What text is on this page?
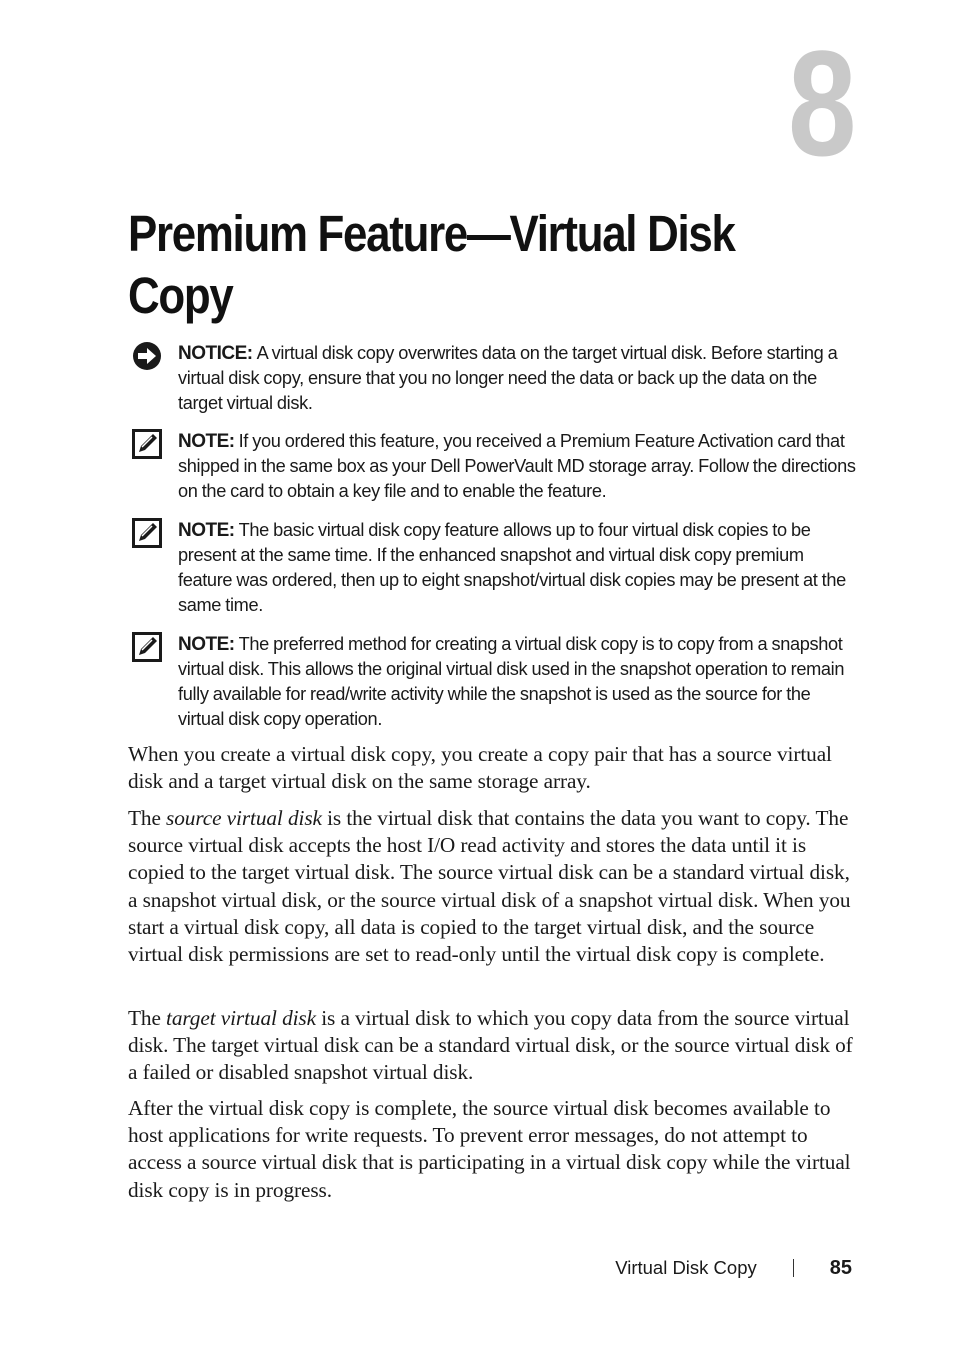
8
Premium Feature—Virtual Disk Copy
NOTICE: A virtual disk copy overwrites data on the target virtual disk. Before starting a virtual disk copy, ensure that you no longer need the data or back up the data on the target virtual disk.
NOTE: If you ordered this feature, you received a Premium Feature Activation card that shipped in the same box as your Dell PowerVault MD storage array. Follow the directions on the card to obtain a key file and to enable the feature.
NOTE: The basic virtual disk copy feature allows up to four virtual disk copies to be present at the same time. If the enhanced snapshot and virtual disk copy premium feature was ordered, then up to eight snapshot/virtual disk copies may be present at the same time.
NOTE: The preferred method for creating a virtual disk copy is to copy from a snapshot virtual disk. This allows the original virtual disk used in the snapshot operation to remain fully available for read/write activity while the snapshot is used as the source for the virtual disk copy operation.

When you create a virtual disk copy, you create a copy pair that has a source virtual disk and a target virtual disk on the same storage array.

The source virtual disk is the virtual disk that contains the data you want to copy. The source virtual disk accepts the host I/O read activity and stores the data until it is copied to the target virtual disk. The source virtual disk can be a standard virtual disk, a snapshot virtual disk, or the source virtual disk of a snapshot virtual disk. When you start a virtual disk copy, all data is copied to the target virtual disk, and the source virtual disk permissions are set to read-only until the virtual disk copy is complete.

The target virtual disk is a virtual disk to which you copy data from the source virtual disk. The target virtual disk can be a standard virtual disk, or the source virtual disk of a failed or disabled snapshot virtual disk.

After the virtual disk copy is complete, the source virtual disk becomes available to host applications for write requests. To prevent error messages, do not attempt to access a source virtual disk that is participating in a virtual disk copy while the virtual disk copy is in progress.

Virtual Disk Copy	85
